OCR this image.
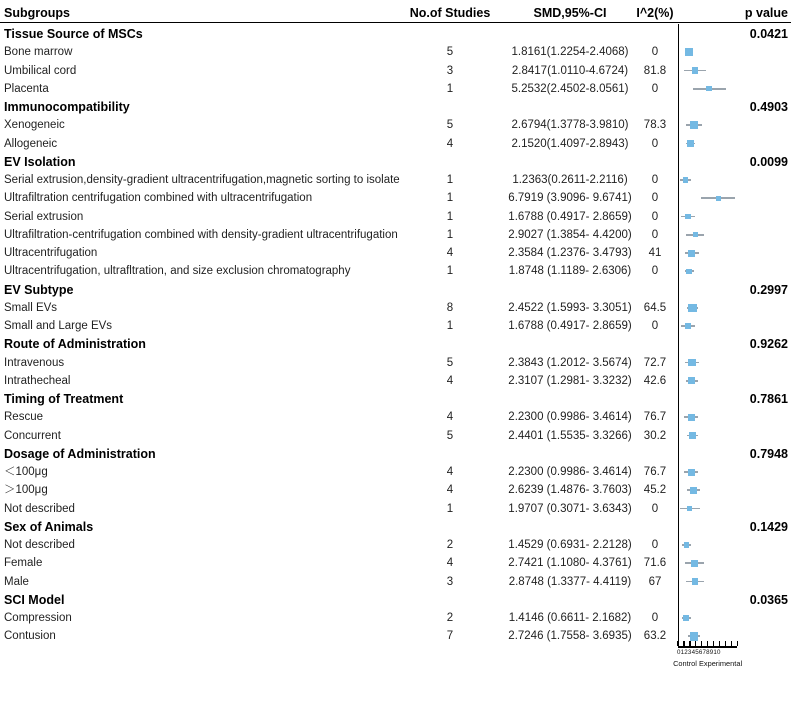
Subgroups	No.of Studies	SMD,95%-CI	I^2(%)	p value
Tissue Source of MSCs	0.0421
Bone marrow	5	1.8161(1.2254-2.4068)	0
Umbilical cord	3	2.8417(1.0110-4.6724)	81.8
Placenta	1	5.2532(2.4502-8.0561)	0
Immunocompatibility	0.4903
Xenogeneic	5	2.6794(1.3778-3.9810)	78.3
Allogeneic	4	2.1520(1.4097-2.8943)	0
EV Isolation	0.0099
Serial extrusion,density-gradient ultracentrifugation,magnetic sorting to isolate	1	1.2363(0.2611-2.2116)	0
Ultrafiltration centrifugation combined with ultracentrifugation	1	6.7919 (3.9096- 9.6741)	0
Serial extrusion	1	1.6788 (0.4917- 2.8659)	0
Ultrafiltration-centrifugation combined with density-gradient ultracentrifugation	1	2.9027 (1.3854- 4.4200)	0
Ultracentrifugation	4	2.3584 (1.2376- 3.4793)	41
Ultracentrifugation, ultrafltration, and size exclusion chromatography	1	1.8748 (1.1189- 2.6306)	0
EV Subtype	0.2997
Small EVs	8	2.4522 (1.5993- 3.3051)	64.5
Small and Large EVs	1	1.6788 (0.4917- 2.8659)	0
Route of Administration	0.9262
Intravenous	5	2.3843 (1.2012- 3.5674)	72.7
Intrathecheal	4	2.3107 (1.2981- 3.3232)	42.6
Timing of Treatment	0.7861
Rescue	4	2.2300 (0.9986- 3.4614)	76.7
Concurrent	5	2.4401 (1.5535- 3.3266)	30.2
Dosage of Administration	0.7948
＜100μg	4	2.2300 (0.9986- 3.4614)	76.7
＞100μg	4	2.6239 (1.4876- 3.7603)	45.2
Not described	1	1.9707 (0.3071- 3.6343)	0
Sex of Animals	0.1429
Not described	2	1.4529 (0.6931- 2.2128)	0
Female	4	2.7421 (1.1080- 4.3761)	71.6
Male	3	2.8748 (1.3377- 4.4119)	67
SCI Model	0.0365
Compression	2	1.4146 (0.6611- 2.1682)	0
Contusion	7	2.7246 (1.7558- 3.6935)	63.2
012345678910
Control Experimental
